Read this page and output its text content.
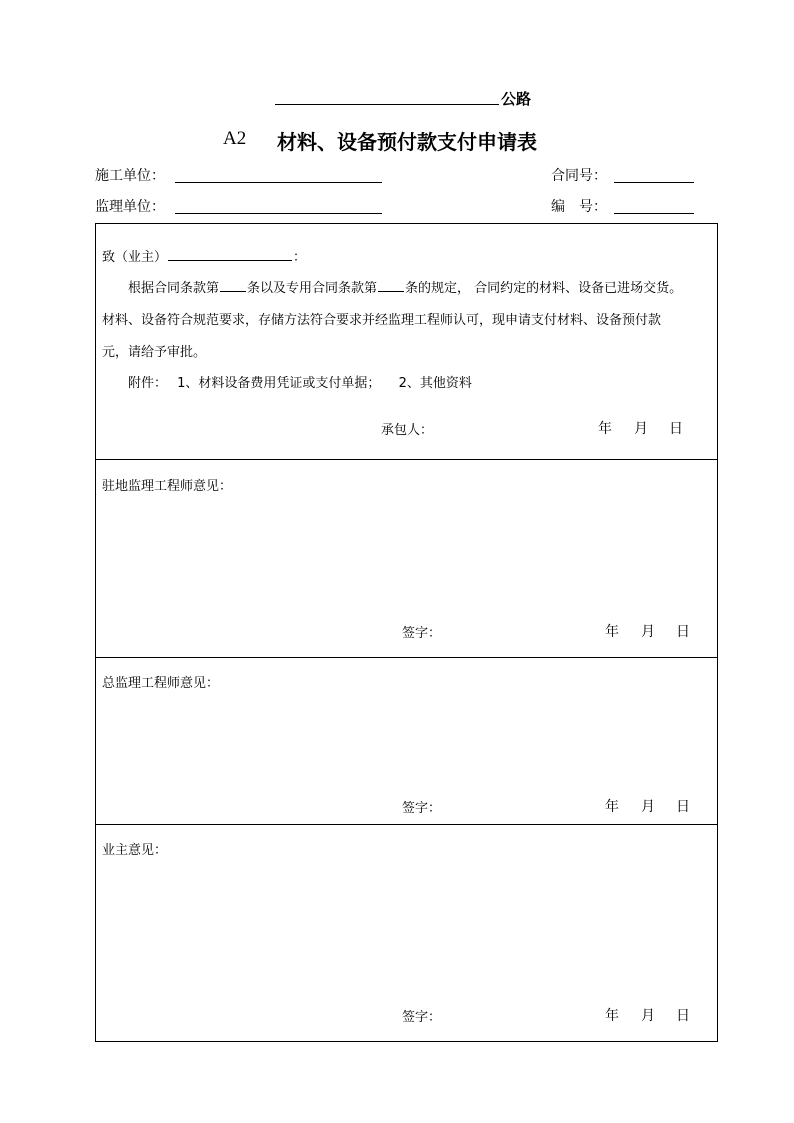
公路
A2 材料、设备预付款支付申请表
施工单位：	合同号：
监理单位：	编　号：
致（业主）	：
根据合同条款第 条以及专用合同条款第 条的规定， 合同约定的材料、设备已进场交货。
材料、设备符合规范要求，存储方法符合要求并经监理工程师认可，现申请支付材料、设备预付款
元，请给予审批。
附件： 1、材料设备费用凭证或支付单据； 2、其他资料
承包人：	年 月 日
驻地监理工程师意见：
签字：	年 月 日
总监理工程师意见：
签字：	年 月 日
业主意见：
签字：	年 月 日
